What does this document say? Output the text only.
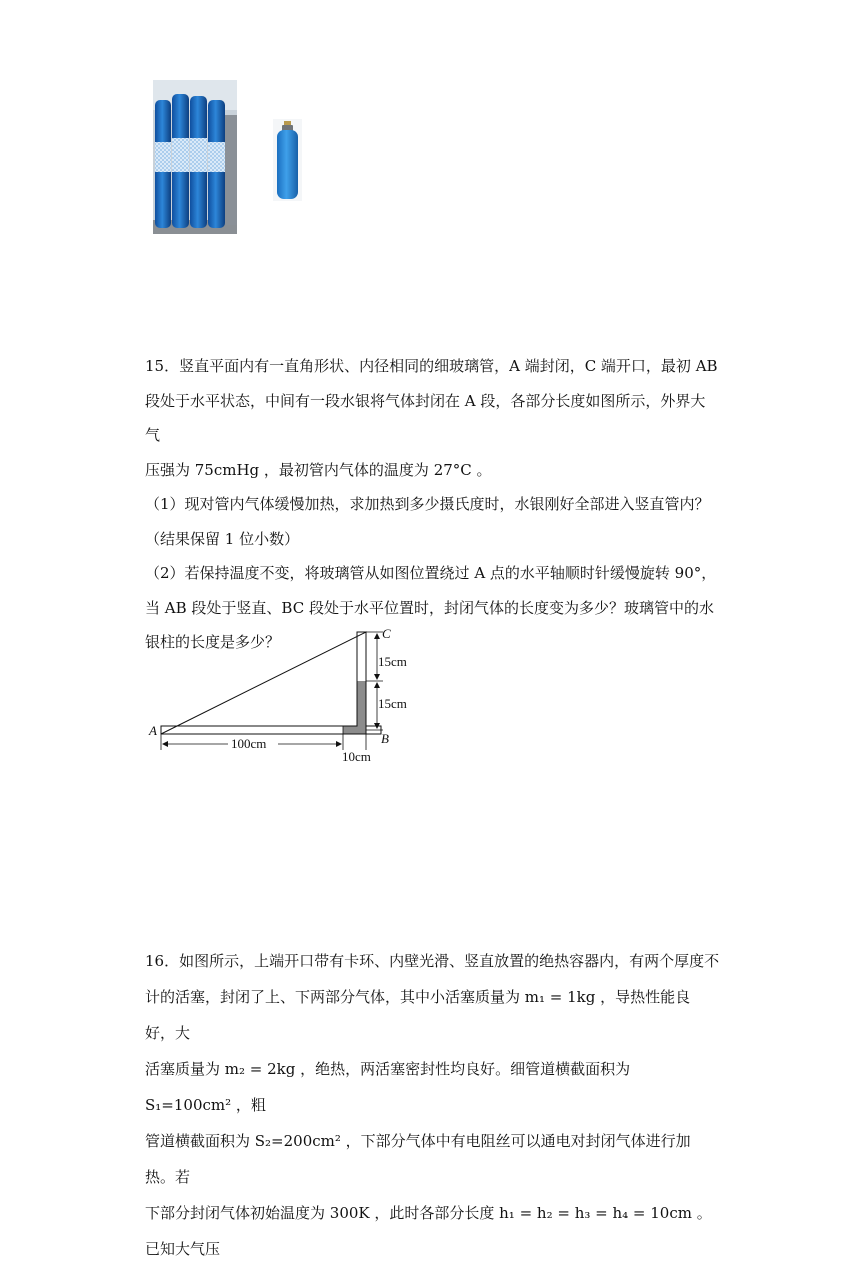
15．竖直平面内有一直角形状、内径相同的细玻璃管，A 端封闭，C 端开口，最初 AB

段处于水平状态，中间有一段水银将气体封闭在 A 段，各部分长度如图所示，外界大气

压强为 75cmHg ，最初管内气体的温度为 27°C 。

（1）现对管内气体缓慢加热，求加热到多少摄氏度时，水银刚好全部进入竖直管内？

（结果保留 1 位小数）

（2）若保持温度不变，将玻璃管从如图位置绕过 A 点的水平轴顺时针缓慢旋转 90°，

当 AB 段处于竖直、BC 段处于水平位置时，封闭气体的长度变为多少？玻璃管中的水

银柱的长度是多少？

15cm
15cm
100cm
10cm
A
B
C

16．如图所示，上端开口带有卡环、内壁光滑、竖直放置的绝热容器内，有两个厚度不

计的活塞，封闭了上、下两部分气体，其中小活塞质量为 m₁ = 1kg ，导热性能良好，大

活塞质量为 m₂ = 2kg ，绝热，两活塞密封性均良好。细管道横截面积为 S₁=100cm² ，粗

管道横截面积为 S₂=200cm² ，下部分气体中有电阻丝可以通电对封闭气体进行加热。若

下部分封闭气体初始温度为 300K ，此时各部分长度 h₁ = h₂ = h₃ = h₄ = 10cm 。已知大气压
